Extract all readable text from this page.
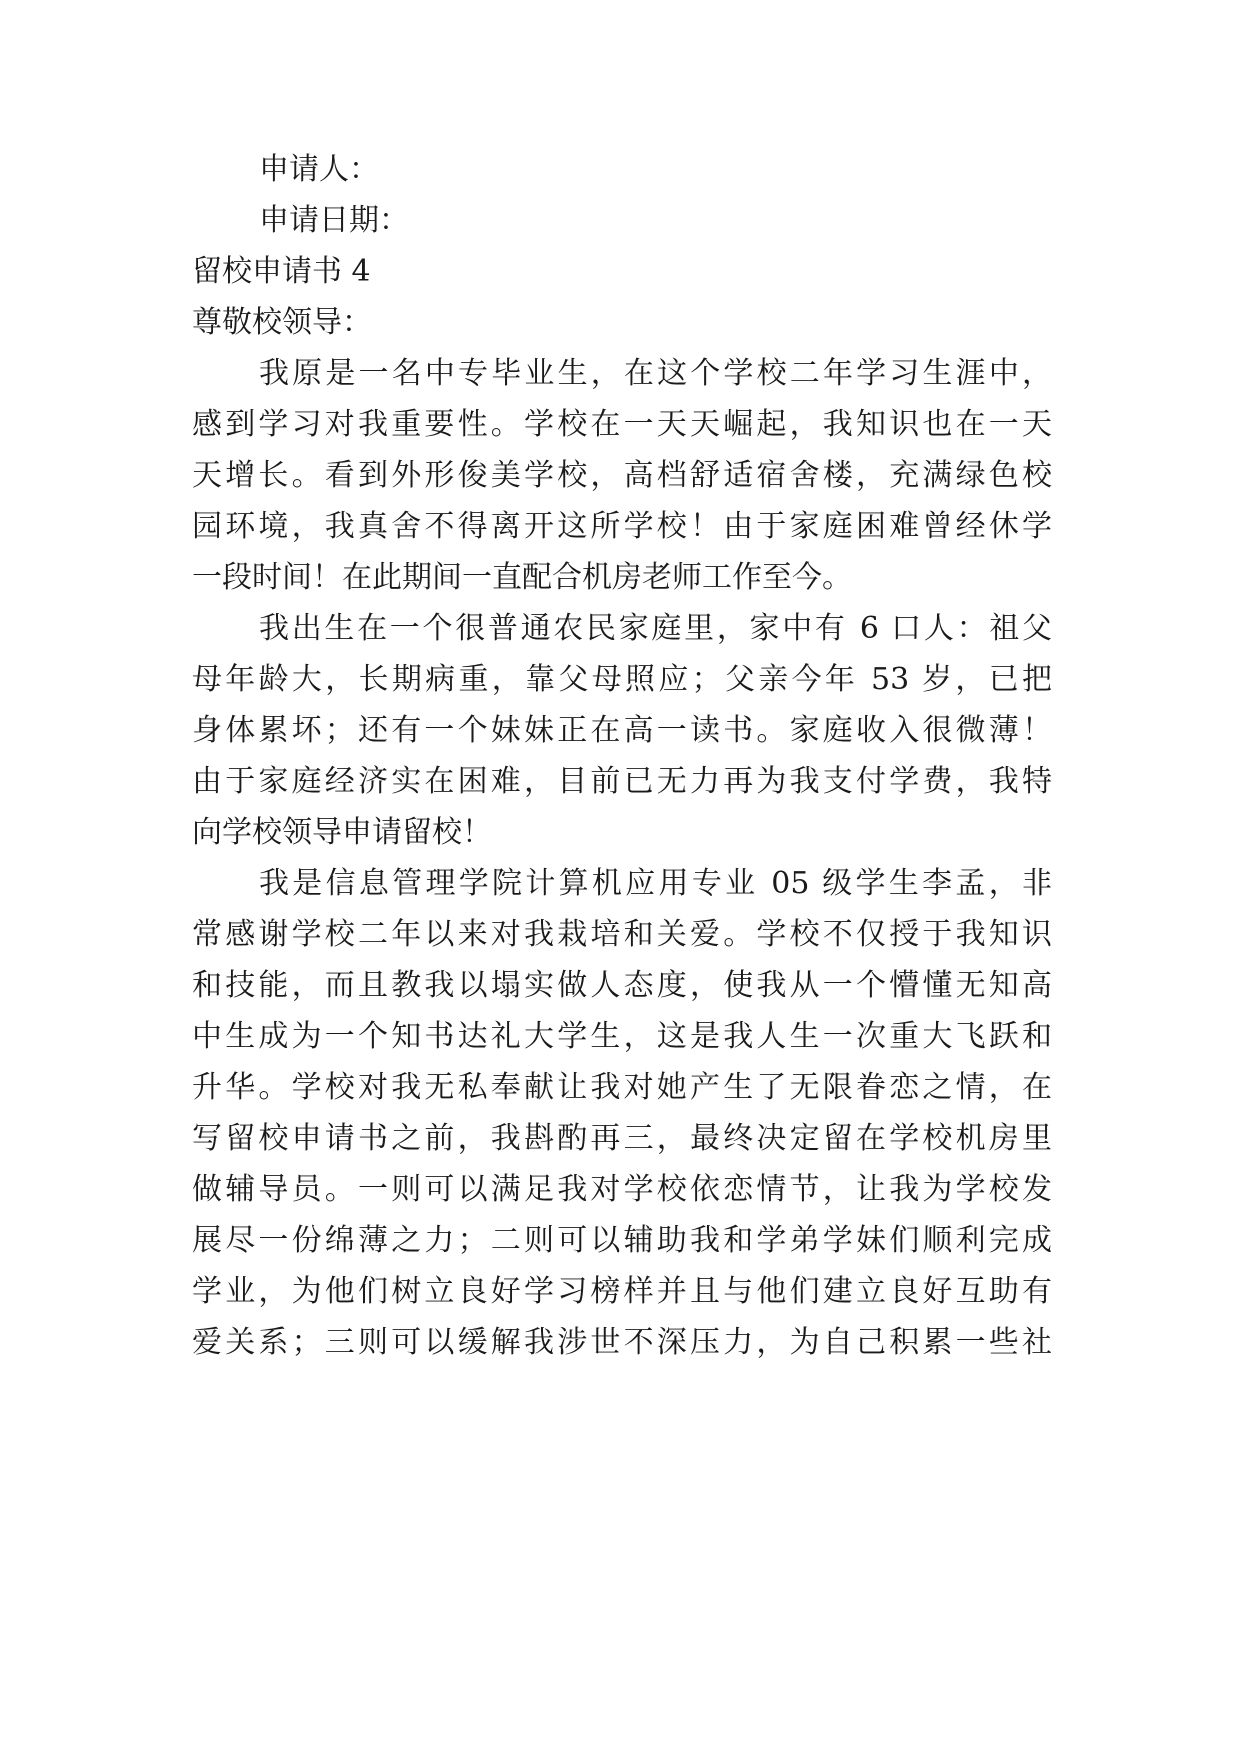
申请人：
申请日期：
留校申请书 4
尊敬校领导：
我原是一名中专毕业生，在这个学校二年学习生涯中，
感到学习对我重要性。学校在一天天崛起，我知识也在一天
天增长。看到外形俊美学校，高档舒适宿舍楼，充满绿色校
园环境，我真舍不得离开这所学校！由于家庭困难曾经休学
一段时间！在此期间一直配合机房老师工作至今。
我出生在一个很普通农民家庭里，家中有 6 口人：祖父
母年龄大，长期病重，靠父母照应；父亲今年 53 岁，已把
身体累坏；还有一个妹妹正在高一读书。家庭收入很微薄！
由于家庭经济实在困难，目前已无力再为我支付学费，我特
向学校领导申请留校！
我是信息管理学院计算机应用专业 05 级学生李孟，非
常感谢学校二年以来对我栽培和关爱。学校不仅授于我知识
和技能，而且教我以塌实做人态度，使我从一个懵懂无知高
中生成为一个知书达礼大学生，这是我人生一次重大飞跃和
升华。学校对我无私奉献让我对她产生了无限眷恋之情，在
写留校申请书之前，我斟酌再三，最终决定留在学校机房里
做辅导员。一则可以满足我对学校依恋情节，让我为学校发
展尽一份绵薄之力；二则可以辅助我和学弟学妹们顺利完成
学业，为他们树立良好学习榜样并且与他们建立良好互助有
爱关系；三则可以缓解我涉世不深压力，为自己积累一些社
